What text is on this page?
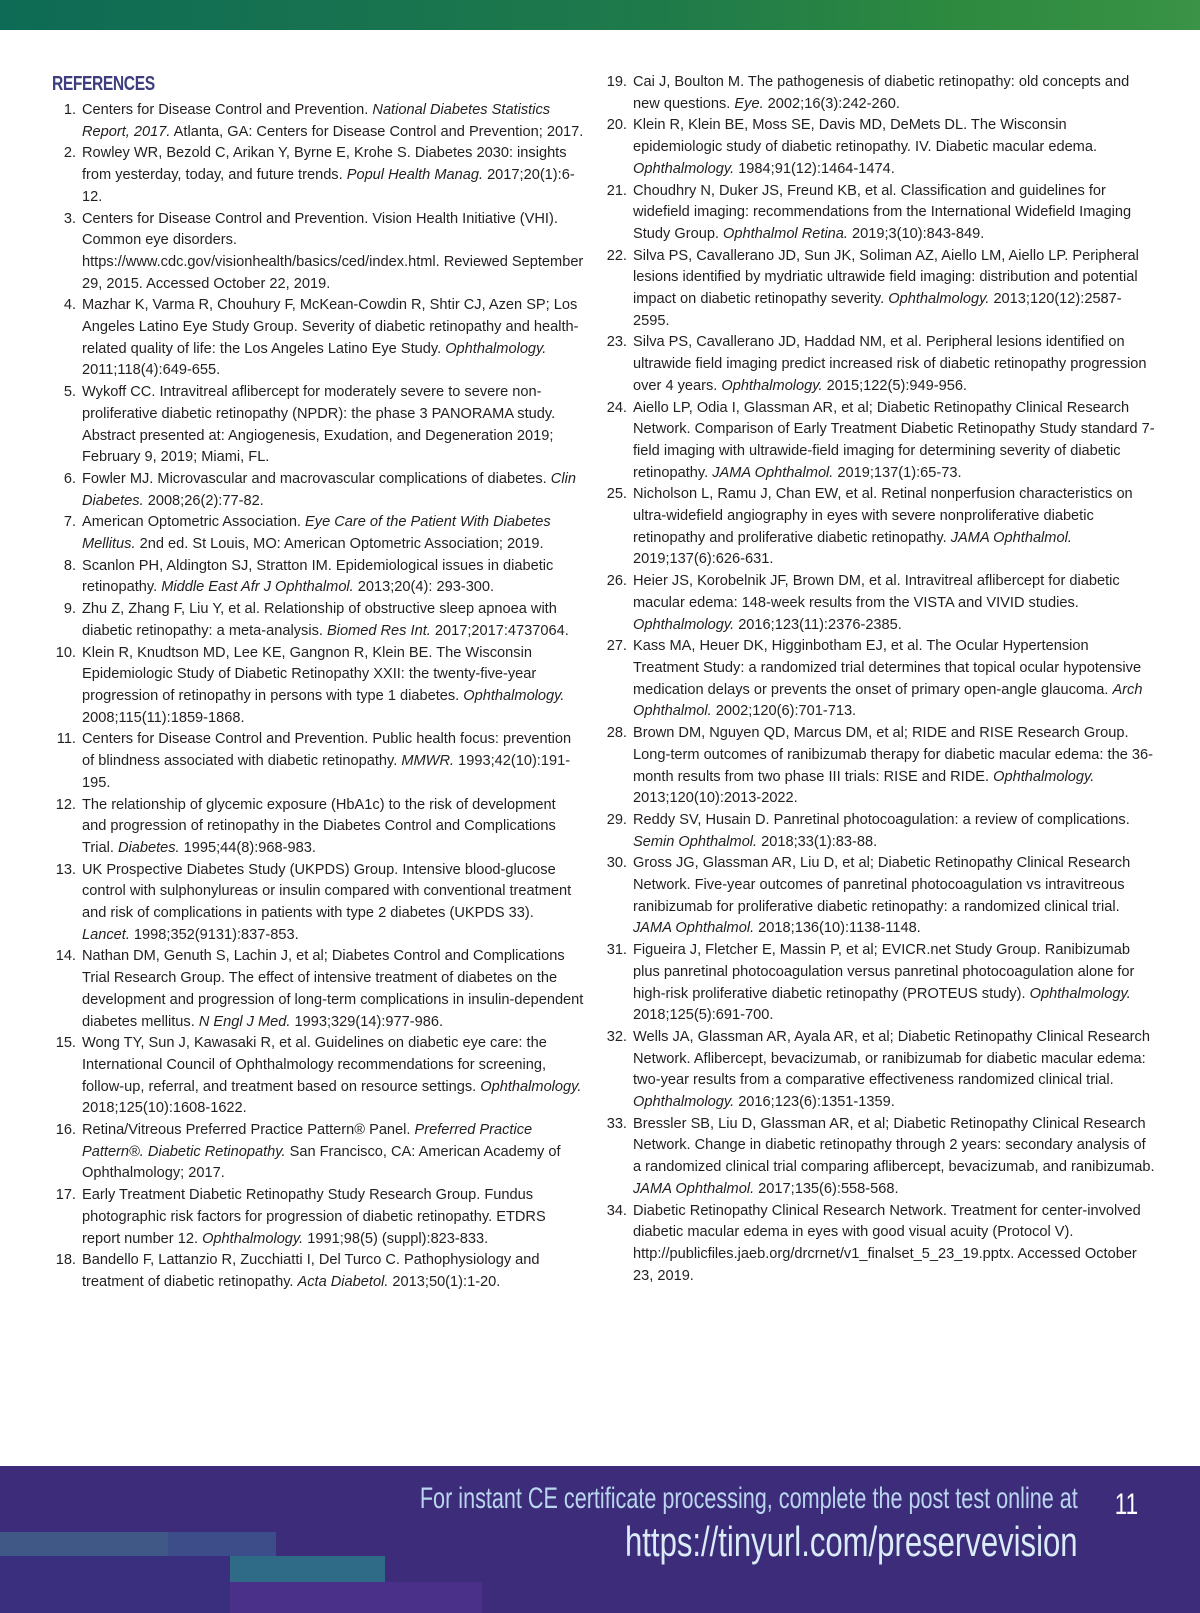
REFERENCES
1. Centers for Disease Control and Prevention. National Diabetes Statistics Report, 2017. Atlanta, GA: Centers for Disease Control and Prevention; 2017.
2. Rowley WR, Bezold C, Arikan Y, Byrne E, Krohe S. Diabetes 2030: insights from yesterday, today, and future trends. Popul Health Manag. 2017;20(1):6-12.
3. Centers for Disease Control and Prevention. Vision Health Initiative (VHI). Common eye disorders. https://www.cdc.gov/visionhealth/basics/ced/index.html. Reviewed September 29, 2015. Accessed October 22, 2019.
4. Mazhar K, Varma R, Chouhury F, McKean-Cowdin R, Shtir CJ, Azen SP; Los Angeles Latino Eye Study Group. Severity of diabetic retinopathy and health-related quality of life: the Los Angeles Latino Eye Study. Ophthalmology. 2011;118(4):649-655.
5. Wykoff CC. Intravitreal aflibercept for moderately severe to severe non-proliferative diabetic retinopathy (NPDR): the phase 3 PANORAMA study. Abstract presented at: Angiogenesis, Exudation, and Degeneration 2019; February 9, 2019; Miami, FL.
6. Fowler MJ. Microvascular and macrovascular complications of diabetes. Clin Diabetes. 2008;26(2):77-82.
7. American Optometric Association. Eye Care of the Patient With Diabetes Mellitus. 2nd ed. St Louis, MO: American Optometric Association; 2019.
8. Scanlon PH, Aldington SJ, Stratton IM. Epidemiological issues in diabetic retinopathy. Middle East Afr J Ophthalmol. 2013;20(4): 293-300.
9. Zhu Z, Zhang F, Liu Y, et al. Relationship of obstructive sleep apnoea with diabetic retinopathy: a meta-analysis. Biomed Res Int. 2017;2017:4737064.
10. Klein R, Knudtson MD, Lee KE, Gangnon R, Klein BE. The Wisconsin Epidemiologic Study of Diabetic Retinopathy XXII: the twenty-five-year progression of retinopathy in persons with type 1 diabetes. Ophthalmology. 2008;115(11):1859-1868.
11. Centers for Disease Control and Prevention. Public health focus: prevention of blindness associated with diabetic retinopathy. MMWR. 1993;42(10):191-195.
12. The relationship of glycemic exposure (HbA1c) to the risk of development and progression of retinopathy in the Diabetes Control and Complications Trial. Diabetes. 1995;44(8):968-983.
13. UK Prospective Diabetes Study (UKPDS) Group. Intensive blood-glucose control with sulphonylureas or insulin compared with conventional treatment and risk of complications in patients with type 2 diabetes (UKPDS 33). Lancet. 1998;352(9131):837-853.
14. Nathan DM, Genuth S, Lachin J, et al; Diabetes Control and Complications Trial Research Group. The effect of intensive treatment of diabetes on the development and progression of long-term complications in insulin-dependent diabetes mellitus. N Engl J Med. 1993;329(14):977-986.
15. Wong TY, Sun J, Kawasaki R, et al. Guidelines on diabetic eye care: the International Council of Ophthalmology recommendations for screening, follow-up, referral, and treatment based on resource settings. Ophthalmology. 2018;125(10):1608-1622.
16. Retina/Vitreous Preferred Practice Pattern® Panel. Preferred Practice Pattern®. Diabetic Retinopathy. San Francisco, CA: American Academy of Ophthalmology; 2017.
17. Early Treatment Diabetic Retinopathy Study Research Group. Fundus photographic risk factors for progression of diabetic retinopathy. ETDRS report number 12. Ophthalmology. 1991;98(5) (suppl):823-833.
18. Bandello F, Lattanzio R, Zucchiatti I, Del Turco C. Pathophysiology and treatment of diabetic retinopathy. Acta Diabetol. 2013;50(1):1-20.
19. Cai J, Boulton M. The pathogenesis of diabetic retinopathy: old concepts and new questions. Eye. 2002;16(3):242-260.
20. Klein R, Klein BE, Moss SE, Davis MD, DeMets DL. The Wisconsin epidemiologic study of diabetic retinopathy. IV. Diabetic macular edema. Ophthalmology. 1984;91(12):1464-1474.
21. Choudhry N, Duker JS, Freund KB, et al. Classification and guidelines for widefield imaging: recommendations from the International Widefield Imaging Study Group. Ophthalmol Retina. 2019;3(10):843-849.
22. Silva PS, Cavallerano JD, Sun JK, Soliman AZ, Aiello LM, Aiello LP. Peripheral lesions identified by mydriatic ultrawide field imaging: distribution and potential impact on diabetic retinopathy severity. Ophthalmology. 2013;120(12):2587-2595.
23. Silva PS, Cavallerano JD, Haddad NM, et al. Peripheral lesions identified on ultrawide field imaging predict increased risk of diabetic retinopathy progression over 4 years. Ophthalmology. 2015;122(5):949-956.
24. Aiello LP, Odia I, Glassman AR, et al; Diabetic Retinopathy Clinical Research Network. Comparison of Early Treatment Diabetic Retinopathy Study standard 7-field imaging with ultrawide-field imaging for determining severity of diabetic retinopathy. JAMA Ophthalmol. 2019;137(1):65-73.
25. Nicholson L, Ramu J, Chan EW, et al. Retinal nonperfusion characteristics on ultra-widefield angiography in eyes with severe nonproliferative diabetic retinopathy and proliferative diabetic retinopathy. JAMA Ophthalmol. 2019;137(6):626-631.
26. Heier JS, Korobelnik JF, Brown DM, et al. Intravitreal aflibercept for diabetic macular edema: 148-week results from the VISTA and VIVID studies. Ophthalmology. 2016;123(11):2376-2385.
27. Kass MA, Heuer DK, Higginbotham EJ, et al. The Ocular Hypertension Treatment Study: a randomized trial determines that topical ocular hypotensive medication delays or prevents the onset of primary open-angle glaucoma. Arch Ophthalmol. 2002;120(6):701-713.
28. Brown DM, Nguyen QD, Marcus DM, et al; RIDE and RISE Research Group. Long-term outcomes of ranibizumab therapy for diabetic macular edema: the 36-month results from two phase III trials: RISE and RIDE. Ophthalmology. 2013;120(10):2013-2022.
29. Reddy SV, Husain D. Panretinal photocoagulation: a review of complications. Semin Ophthalmol. 2018;33(1):83-88.
30. Gross JG, Glassman AR, Liu D, et al; Diabetic Retinopathy Clinical Research Network. Five-year outcomes of panretinal photocoagulation vs intravitreous ranibizumab for proliferative diabetic retinopathy: a randomized clinical trial. JAMA Ophthalmol. 2018;136(10):1138-1148.
31. Figueira J, Fletcher E, Massin P, et al; EVICR.net Study Group. Ranibizumab plus panretinal photocoagulation versus panretinal photocoagulation alone for high-risk proliferative diabetic retinopathy (PROTEUS study). Ophthalmology. 2018;125(5):691-700.
32. Wells JA, Glassman AR, Ayala AR, et al; Diabetic Retinopathy Clinical Research Network. Aflibercept, bevacizumab, or ranibizumab for diabetic macular edema: two-year results from a comparative effectiveness randomized clinical trial. Ophthalmology. 2016;123(6):1351-1359.
33. Bressler SB, Liu D, Glassman AR, et al; Diabetic Retinopathy Clinical Research Network. Change in diabetic retinopathy through 2 years: secondary analysis of a randomized clinical trial comparing aflibercept, bevacizumab, and ranibizumab. JAMA Ophthalmol. 2017;135(6):558-568.
34. Diabetic Retinopathy Clinical Research Network. Treatment for center-involved diabetic macular edema in eyes with good visual acuity (Protocol V). http://publicfiles.jaeb.org/drcrnet/v1_finalset_5_23_19.pptx. Accessed October 23, 2019.
For instant CE certificate processing, complete the post test online at
https://tinyurl.com/preservevision
11
